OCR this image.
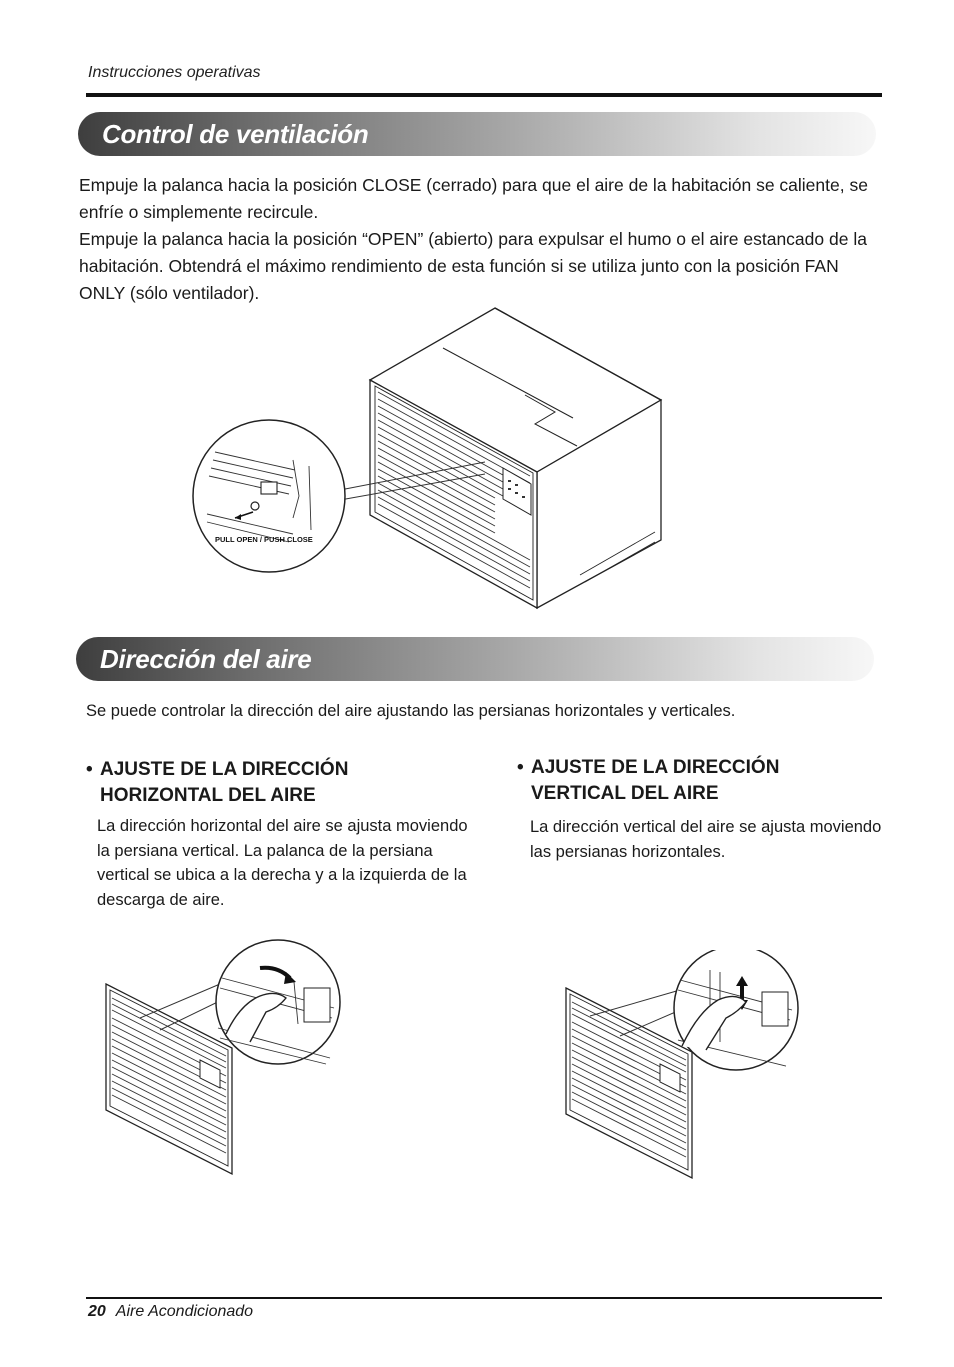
Instrucciones operativas
Control de ventilación

Empuje la palanca hacia la posición CLOSE (cerrado) para que el aire de la habitación se caliente, se enfríe o simplemente recircule.

Empuje la palanca hacia la posición “OPEN” (abierto) para expulsar el humo o el aire estancado de la habitación. Obtendrá el máximo rendimiento de esta función si se utiliza junto con la posición FAN ONLY (sólo ventilador).

PULL OPEN / PUSH CLOSE
Dirección del aire
Se puede controlar la dirección del aire ajustando las persianas horizontales y verticales.
• AJUSTE DE LA DIRECCIÓN
HORIZONTAL DEL AIRE
La dirección horizontal del aire se ajusta moviendo la persiana vertical. La palanca de la persiana vertical se ubica a la derecha y a la izquierda de la descarga de aire.
• AJUSTE DE LA DIRECCIÓN
VERTICAL DEL AIRE
La dirección vertical del aire se ajusta moviendo las persianas horizontales.
20 Aire Acondicionado
